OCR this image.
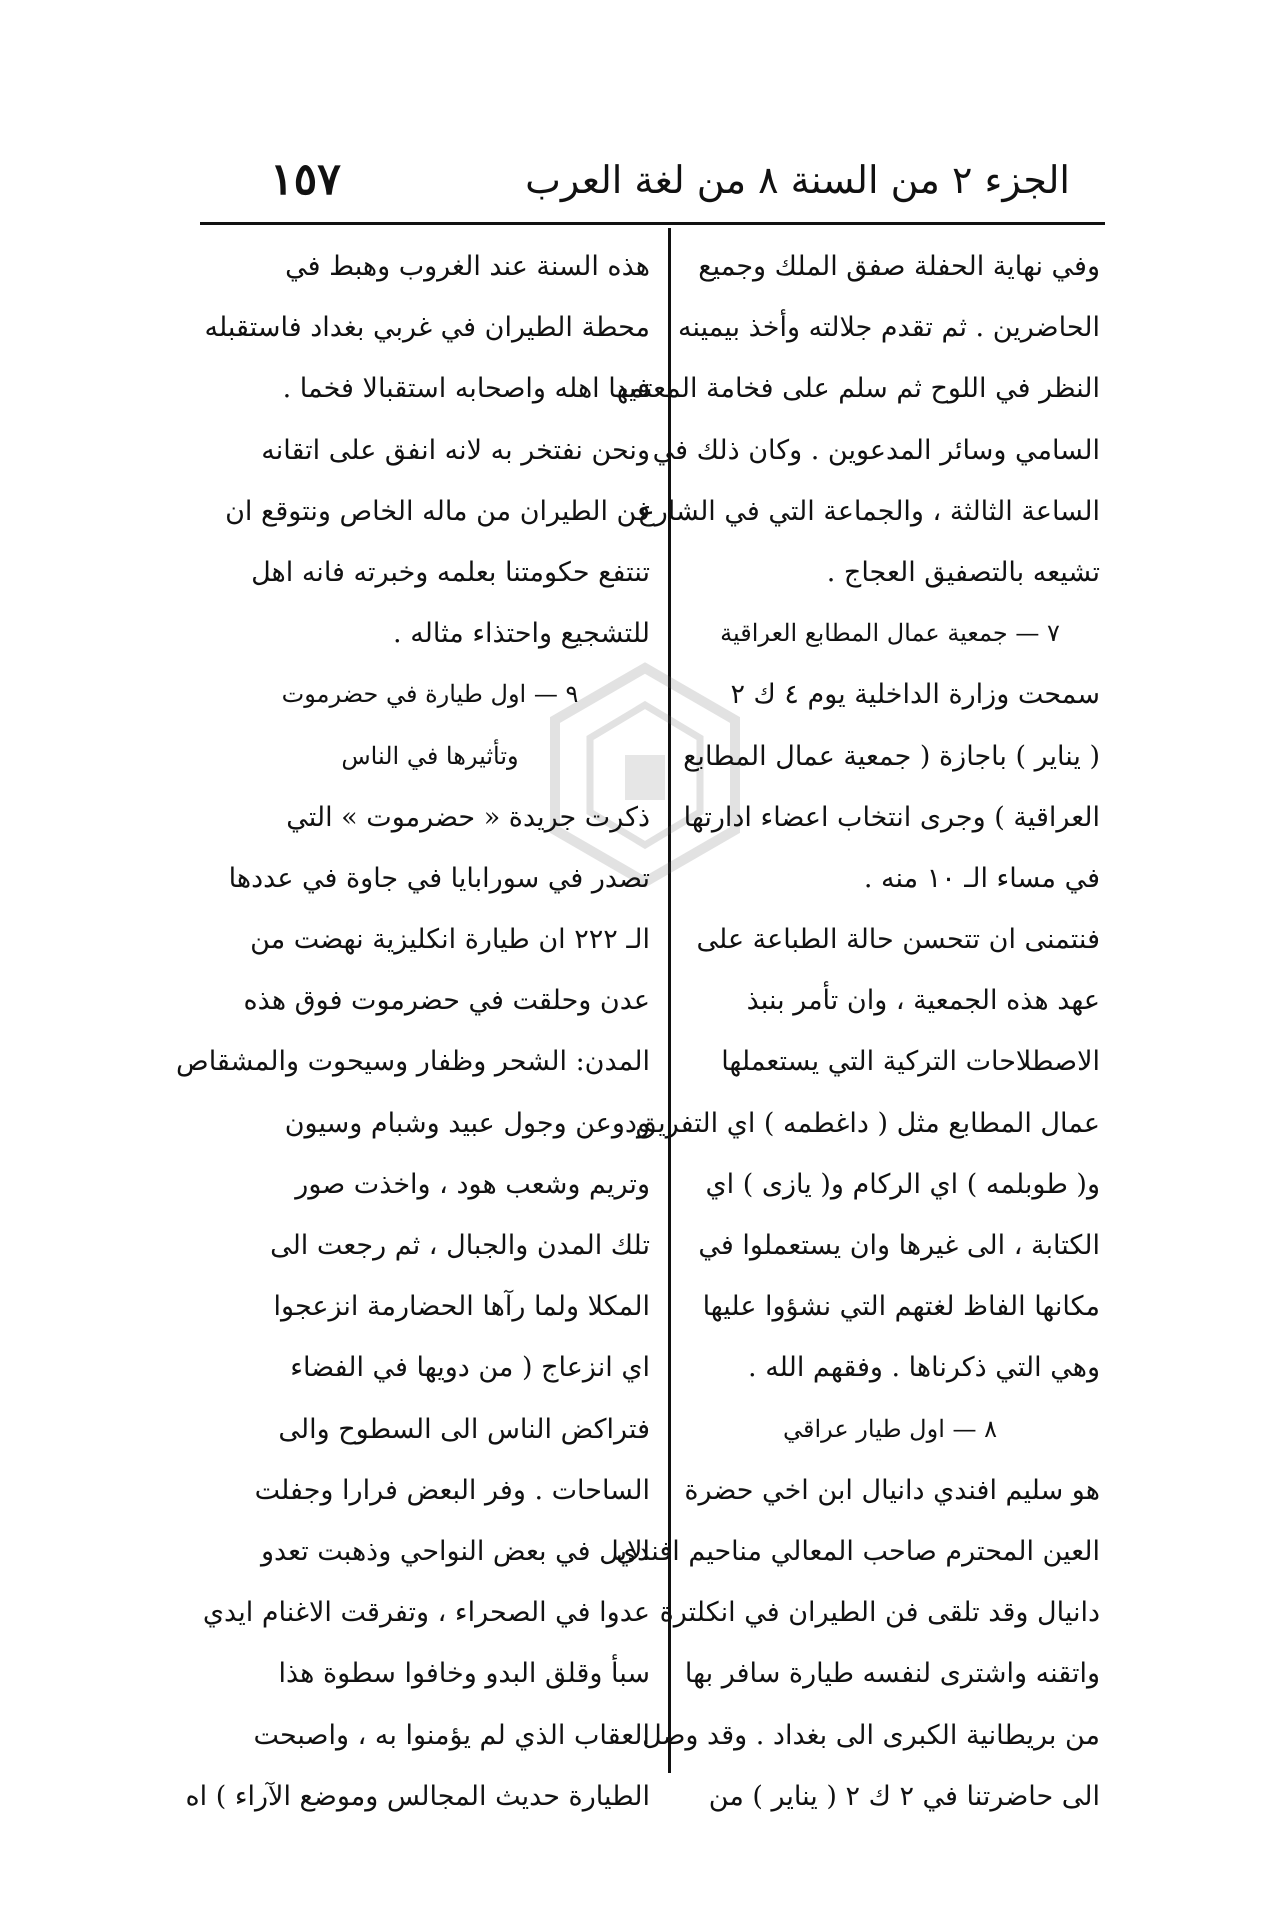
الجزء ٢ من السنة ٨ من لغة العرب
١٥٧
وفي نهاية الحفلة صفق الملك وجميع
الحاضرين . ثم تقدم جلالته وأخذ بيمينه
النظر في اللوح ثم سلم على فخامة المعتمد
السامي وسائر المدعوين . وكان ذلك في
الساعة الثالثة ، والجماعة التي في الشارع
تشيعه بالتصفيق العجاج .
٧ — جمعية عمال المطابع العراقية
سمحت وزارة الداخلية يوم ٤ ك ٢
( يناير ) باجازة ( جمعية عمال المطابع
العراقية ) وجرى انتخاب اعضاء ادارتها
في مساء الـ ١٠ منه .
فنتمنى ان تتحسن حالة الطباعة على
عهد هذه الجمعية ، وان تأمر بنبذ
الاصطلاحات التركية التي يستعملها
عمال المطابع مثل ( داغطمه ) اي التفريق
و( طوبلمه ) اي الركام و( يازى ) اي
الكتابة ، الى غيرها وان يستعملوا في
مكانها الفاظ لغتهم التي نشؤوا عليها
وهي التي ذكرناها . وفقهم الله .
٨ — اول طيار عراقي
هو سليم افندي دانيال ابن اخي حضرة
العين المحترم صاحب المعالي مناحيم افندي
دانيال وقد تلقى فن الطيران في انكلترة
واتقنه واشترى لنفسه طيارة سافر بها
من بريطانية الكبرى الى بغداد . وقد وصل
الى حاضرتنا في ٢ ك ٢ ( يناير ) من
هذه السنة عند الغروب وهبط في
محطة الطيران في غربي بغداد فاستقبله
فيها اهله واصحابه استقبالا فخما .
ونحن نفتخر به لانه انفق على اتقانه
فن الطيران من ماله الخاص ونتوقع ان
تنتفع حكومتنا بعلمه وخبرته فانه اهل
للتشجيع واحتذاء مثاله .
٩ — اول طيارة في حضرموت
وتأثيرها في الناس
ذكرت جريدة « حضرموت » التي
تصدر في سورابايا في جاوة في عددها
الـ ٢٢٢ ان طيارة انكليزية نهضت من
عدن وحلقت في حضرموت فوق هذه
المدن: الشحر وظفار وسيحوت والمشقاص
ودوعن وجول عبيد وشبام وسيون
وتريم وشعب هود ، واخذت صور
تلك المدن والجبال ، ثم رجعت الى
المكلا ولما رآها الحضارمة انزعجوا
اي انزعاج ( من دويها في الفضاء
فتراكض الناس الى السطوح والى
الساحات . وفر البعض فرارا وجفلت
الابل في بعض النواحي وذهبت تعدو
عدوا في الصحراء ، وتفرقت الاغنام ايدي
سبأ وقلق البدو وخافوا سطوة هذا
العقاب الذي لم يؤمنوا به ، واصبحت
الطيارة حديث المجالس وموضع الآراء ) اه
